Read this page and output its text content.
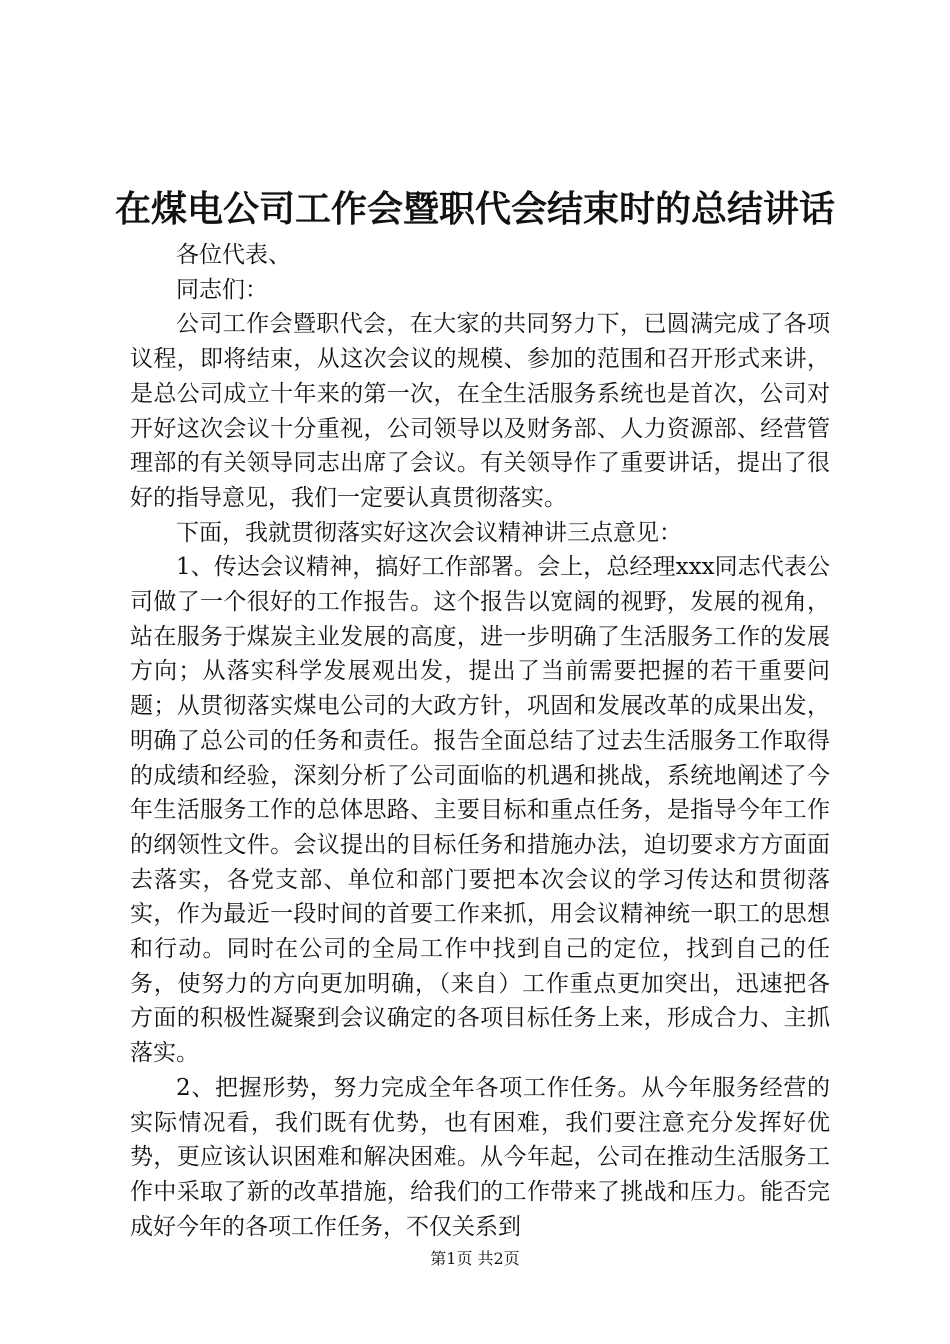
在煤电公司工作会暨职代会结束时的总结讲话

各位代表、

同志们：

公司工作会暨职代会，在大家的共同努力下，已圆满完成了各项议程，即将结束，从这次会议的规模、参加的范围和召开形式来讲，是总公司成立十年来的第一次，在全生活服务系统也是首次，公司对开好这次会议十分重视，公司领导以及财务部、人力资源部、经营管理部的有关领导同志出席了会议。有关领导作了重要讲话，提出了很好的指导意见，我们一定要认真贯彻落实。

下面，我就贯彻落实好这次会议精神讲三点意见：

1、传达会议精神，搞好工作部署。会上，总经理xxx同志代表公司做了一个很好的工作报告。这个报告以宽阔的视野，发展的视角，站在服务于煤炭主业发展的高度，进一步明确了生活服务工作的发展方向；从落实科学发展观出发，提出了当前需要把握的若干重要问题；从贯彻落实煤电公司的大政方针，巩固和发展改革的成果出发，明确了总公司的任务和责任。报告全面总结了过去生活服务工作取得的成绩和经验，深刻分析了公司面临的机遇和挑战，系统地阐述了今年生活服务工作的总体思路、主要目标和重点任务，是指导今年工作的纲领性文件。会议提出的目标任务和措施办法，迫切要求方方面面去落实，各党支部、单位和部门要把本次会议的学习传达和贯彻落实，作为最近一段时间的首要工作来抓，用会议精神统一职工的思想和行动。同时在公司的全局工作中找到自己的定位，找到自己的任务，使努力的方向更加明确，（来自）工作重点更加突出，迅速把各方面的积极性凝聚到会议确定的各项目标任务上来，形成合力、主抓落实。

2、把握形势，努力完成全年各项工作任务。从今年服务经营的实际情况看，我们既有优势，也有困难，我们要注意充分发挥好优势，更应该认识困难和解决困难。从今年起，公司在推动生活服务工作中采取了新的改革措施，给我们的工作带来了挑战和压力。能否完成好今年的各项工作任务，不仅关系到

第1页 共2页
